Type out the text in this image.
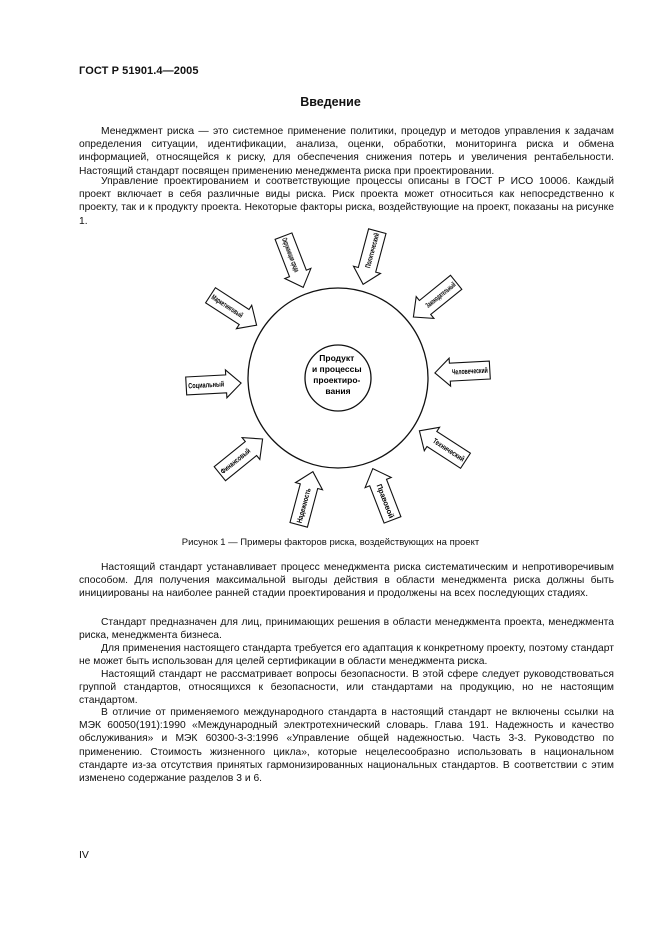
ГОСТ Р 51901.4—2005
Введение

Менеджмент риска — это системное применение политики, процедур и методов управления к задачам определения ситуации, идентификации, анализа, оценки, обработки, мониторинга риска и обмена информацией, относящейся к риску, для обеспечения снижения потерь и увеличения рентабельности. Настоящий стандарт посвящен применению менеджмента риска при проектировании.

Управление проектированием и соответствующие процессы описаны в ГОСТ Р ИСО 10006. Каждый проект включает в себя различные виды риска. Риск проекта может относиться как непосредственно к проекту, так и к продукту проекта. Некоторые факторы риска, воздействующие на проект, показаны на рисунке 1.

Продукт и процессы проектиро- вания
Политический
Законодательный
Человеческий
Технический
Правовой
Надежность
Финансовый
Социальный
Маркетинговый
Рисунок 1 — Примеры факторов риска, воздействующих на проект

Настоящий стандарт устанавливает процесс менеджмента риска систематическим и непротиворечивым способом. Для получения максимальной выгоды действия в области менеджмента риска должны быть инициированы на наиболее ранней стадии проектирования и продолжены на всех последующих стадиях.

Стандарт предназначен для лиц, принимающих решения в области менеджмента проекта, менеджмента риска, менеджмента бизнеса.

Для применения настоящего стандарта требуется его адаптация к конкретному проекту, поэтому стандарт не может быть использован для целей сертификации в области менеджмента риска.

Настоящий стандарт не рассматривает вопросы безопасности. В этой сфере следует руководствоваться группой стандартов, относящихся к безопасности, или стандартами на продукцию, но не настоящим стандартом.

В отличие от применяемого международного стандарта в настоящий стандарт не включены ссылки на МЭК 60050(191):1990 «Международный электротехнический словарь. Глава 191. Надежность и качество обслуживания» и МЭК 60300-3-3:1996 «Управление общей надежностью. Часть 3-3. Руководство по применению. Стоимость жизненного цикла», которые нецелесообразно использовать в национальном стандарте из-за отсутствия принятых гармонизированных национальных стандартов. В соответствии с этим изменено содержание разделов 3 и 6.

IV
